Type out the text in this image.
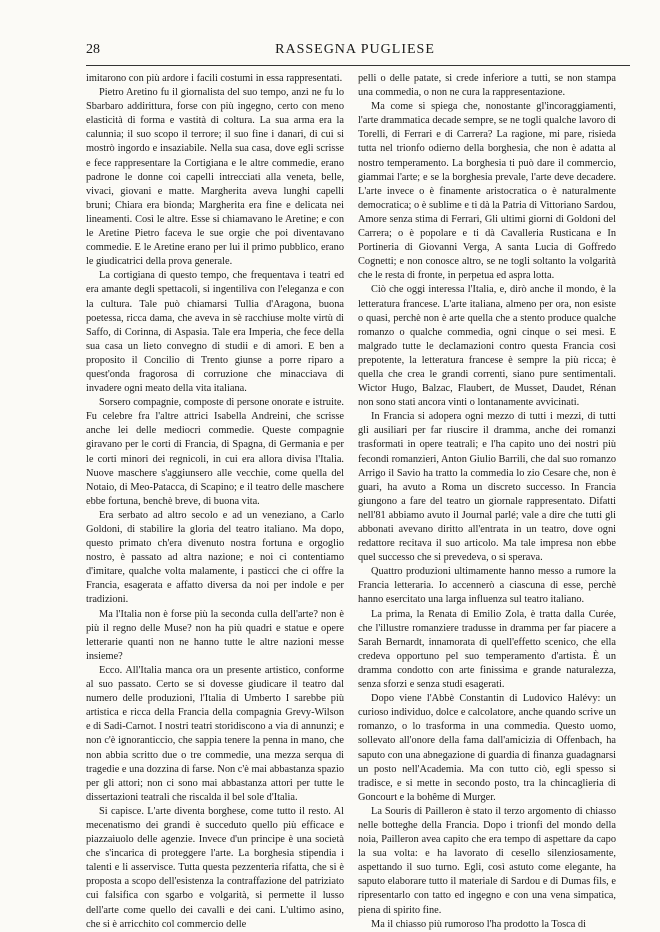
28	RASSEGNA PUGLIESE

imitarono con più ardore i facili costumi in essa rappresentati.

Pietro Aretino fu il giornalista del suo tempo, anzi ne fu lo Sbarbaro addirittura, forse con più ingegno, certo con meno elasticità di forma e vastità di coltura. La sua arma era la calunnia; il suo scopo il terrore; il suo fine i danari, di cui si mostrò ingordo e insaziabile. Nella sua casa, dove egli scrisse e fece rappresentare la Cortigiana e le altre commedie, erano padrone le donne coi capelli intrecciati alla veneta, belle, vivaci, giovani e matte. Margherita aveva lunghi capelli bruni; Chiara era bionda; Margherita era fine e delicata nei lineamenti. Così le altre. Esse si chiamavano le Aretine; e con le Aretine Pietro faceva le sue orgie che poi diventavano commedie. E le Aretine erano per lui il primo pubblico, erano le giudicatrici della prova generale.

La cortigiana di questo tempo, che frequentava i teatri ed era amante degli spettacoli, si ingentiliva con l'eleganza e con la cultura. Tale può chiamarsi Tullia d'Aragona, buona poetessa, ricca dama, che aveva in sè racchiuse molte virtù di Saffo, di Corinna, di Aspasia. Tale era Imperia, che fece della sua casa un lieto convegno di studii e di amori. E ben a proposito il Concilio di Trento giunse a porre riparo a quest'onda fragorosa di corruzione che minacciava di invadere ogni meato della vita italiana.

Sorsero compagnie, composte di persone onorate e istruite. Fu celebre fra l'altre attrici Isabella Andreini, che scrisse anche lei delle mediocri commedie. Queste compagnie giravano per le corti di Francia, di Spagna, di Germania e per le corti minori dei regnicoli, in cui era allora divisa l'Italia. Nuove maschere s'aggiunsero alle vecchie, come quella del Notaio, di Meo-Patacca, di Scapino; e il teatro delle maschere ebbe fortuna, benchè breve, di buona vita.

Era serbato ad altro secolo e ad un veneziano, a Carlo Goldoni, di stabilire la gloria del teatro italiano. Ma dopo, questo primato ch'era divenuto nostra fortuna e orgoglio nostro, è passato ad altra nazione; e noi ci contentiamo d'imitare, qualche volta malamente, i pasticci che ci offre la Francia, esagerata e affatto diversa da noi per indole e per tradizioni.

Ma l'Italia non è forse più la seconda culla dell'arte? non è più il regno delle Muse? non ha più quadri e statue e opere letterarie quanti non ne hanno tutte le altre nazioni messe insieme?

Ecco. All'Italia manca ora un presente artistico, conforme al suo passato. Certo se si dovesse giudicare il teatro dal numero delle produzioni, l'Italia di Umberto I sarebbe più artistica e ricca della Francia della compagnia Grevy-Wilson e di Sadi-Carnot. I nostri teatri storidiscono a via di annunzi; e non c'è ignoranticcio, che sappia tenere la penna in mano, che non abbia scritto due o tre commedie, una mezza serqua di tragedie e una dozzina di farse. Non c'è mai abbastanza spazio per gli attori; non ci sono mai abbastanza attori per tutte le dissertazioni teatrali che riscalda il bel sole d'Italia.

Si capisce. L'arte diventa borghese, come tutto il resto. Al mecenatismo dei grandi è succeduto quello più efficace e piazzaiuolo delle agenzie. Invece d'un principe è una società che s'incarica di proteggere l'arte. La borghesia stipendia i talenti e li asservisce. Tutta questa pezzenteria rifatta, che si è proposta a scopo dell'esistenza la contraffazione del patriziato cui falsifica con sgarbo e volgarità, si permette il lusso dell'arte come quello dei cavalli e dei cani. L'ultimo asino, che si è arricchito col commercio delle

pelli o delle patate, si crede inferiore a tutti, se non stampa una commedia, o non ne cura la rappresentazione.

Ma come si spiega che, nonostante gl'incoraggiamenti, l'arte drammatica decade sempre, se ne togli qualche lavoro di Torelli, di Ferrari e di Carrera? La ragione, mi pare, risieda tutta nel trionfo odierno della borghesia, che non è adatta al nostro temperamento. La borghesia ti può dare il commercio, giammai l'arte; e se la borghesia prevale, l'arte deve decadere. L'arte invece o è finamente aristocratica o è naturalmente democratica; o è sublime e ti dà la Patria di Vittoriano Sardou, Amore senza stima di Ferrari, Gli ultimi giorni di Goldoni del Carrera; o è popolare e ti dà Cavalleria Rusticana e In Portineria di Giovanni Verga, A santa Lucia di Goffredo Cognetti; e non conosce altro, se ne togli soltanto la volgarità che le resta di fronte, in perpetua ed aspra lotta.

Ciò che oggi interessa l'Italia, e, dirò anche il mondo, è la letteratura francese. L'arte italiana, almeno per ora, non esiste o quasi, perchè non è arte quella che a stento produce qualche romanzo o qualche commedia, ogni cinque o sei mesi. E malgrado tutte le declamazioni contro questa Francia così prepotente, la letteratura francese è sempre la più ricca; è quella che crea le grandi correnti, siano pure sentimentali. Wictor Hugo, Balzac, Flaubert, de Musset, Daudet, Rénan non sono stati ancora vinti o lontanamente avvicinati.

In Francia si adopera ogni mezzo di tutti i mezzi, di tutti gli ausiliari per far riuscire il dramma, anche dei romanzi trasformati in opere teatrali; e l'ha capito uno dei nostri più fecondi romanzieri, Anton Giulio Barrili, che dal suo romanzo Arrigo il Savio ha tratto la commedia lo zio Cesare che, non è guari, ha avuto a Roma un discreto successo. In Francia giungono a fare del teatro un giornale rappresentato. Difatti nell'81 abbiamo avuto il Journal parlé; vale a dire che tutti gli abbonati avevano diritto all'entrata in un teatro, dove ogni redattore recitava il suo articolo. Ma tale impresa non ebbe quel successo che si prevedeva, o si sperava.

Quattro produzioni ultimamente hanno messo a rumore la Francia letteraria. Io accennerò a ciascuna di esse, perchè hanno esercitato una larga influenza sul teatro italiano.

La prima, la Renata di Emilio Zola, è tratta dalla Curée, che l'illustre romanziere tradusse in dramma per far piacere a Sarah Bernardt, innamorata di quell'effetto scenico, che ella credeva opportuno pel suo temperamento d'artista. È un dramma condotto con arte finissima e grande naturalezza, senza sforzi e senza studi esagerati.

Dopo viene l'Abbè Constantin di Ludovico Halévy: un curioso individuo, dolce e calcolatore, anche quando scrive un romanzo, o lo trasforma in una commedia. Questo uomo, sollevato all'onore della fama dall'amicizia di Offenbach, ha saputo con una abnegazione di guardia di finanza guadagnarsi un posto nell'Academia. Ma con tutto ciò, egli spesso si tradisce, e si mette in secondo posto, tra la chincaglieria di Goncourt e la bohême di Murger.

La Souris di Pailleron è stato il terzo argomento di chiasso nelle botteghe della Francia. Dopo i trionfi del mondo della noia, Pailleron avea capito che era tempo di aspettare da capo la sua volta: e ha lavorato di cesello silenziosamente, aspettando il suo turno. Egli, così astuto come elegante, ha saputo elaborare tutto il materiale di Sardou e di Dumas fils, e ripresentarlo con tatto ed ingegno e con una vena simpatica, piena di spirito fine.

Ma il chiasso più rumoroso l'ha prodotto la Tosca di
